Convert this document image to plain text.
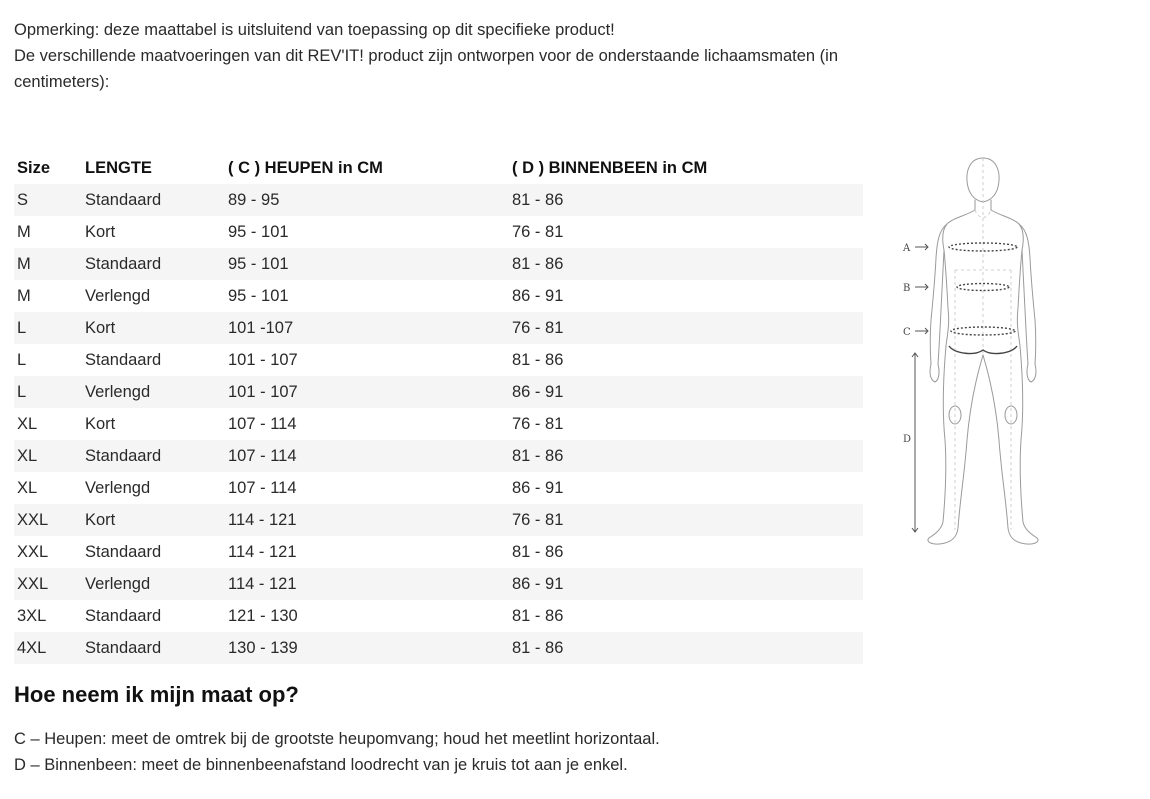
Opmerking: deze maattabel is uitsluitend van toepassing op dit specifieke product!

De verschillende maatvoeringen van dit REV'IT! product zijn ontworpen voor de onderstaande lichaamsmaten (in centimeters):

Size	LENGTE	( C ) HEUPEN in CM	( D ) BINNENBEEN in CM
S	Standaard	89 - 95	81 - 86
M	Kort	95 - 101	76 - 81
M	Standaard	95 - 101	81 - 86
M	Verlengd	95 - 101	86 - 91
L	Kort	101 -107	76 - 81
L	Standaard	101 - 107	81 - 86
L	Verlengd	101 - 107	86 - 91
XL	Kort	107 - 114	76 - 81
XL	Standaard	107 - 114	81 - 86
XL	Verlengd	107 - 114	86 - 91
XXL	Kort	114 - 121	76 - 81
XXL	Standaard	114 - 121	81 - 86
XXL	Verlengd	114 - 121	86 - 91
3XL	Standaard	121 - 130	81 - 86
4XL	Standaard	130 - 139	81 - 86
A
B
C
D
Hoe neem ik mijn maat op?

C – Heupen: meet de omtrek bij de grootste heupomvang; houd het meetlint horizontaal.

D – Binnenbeen: meet de binnenbeenafstand loodrecht van je kruis tot aan je enkel.
